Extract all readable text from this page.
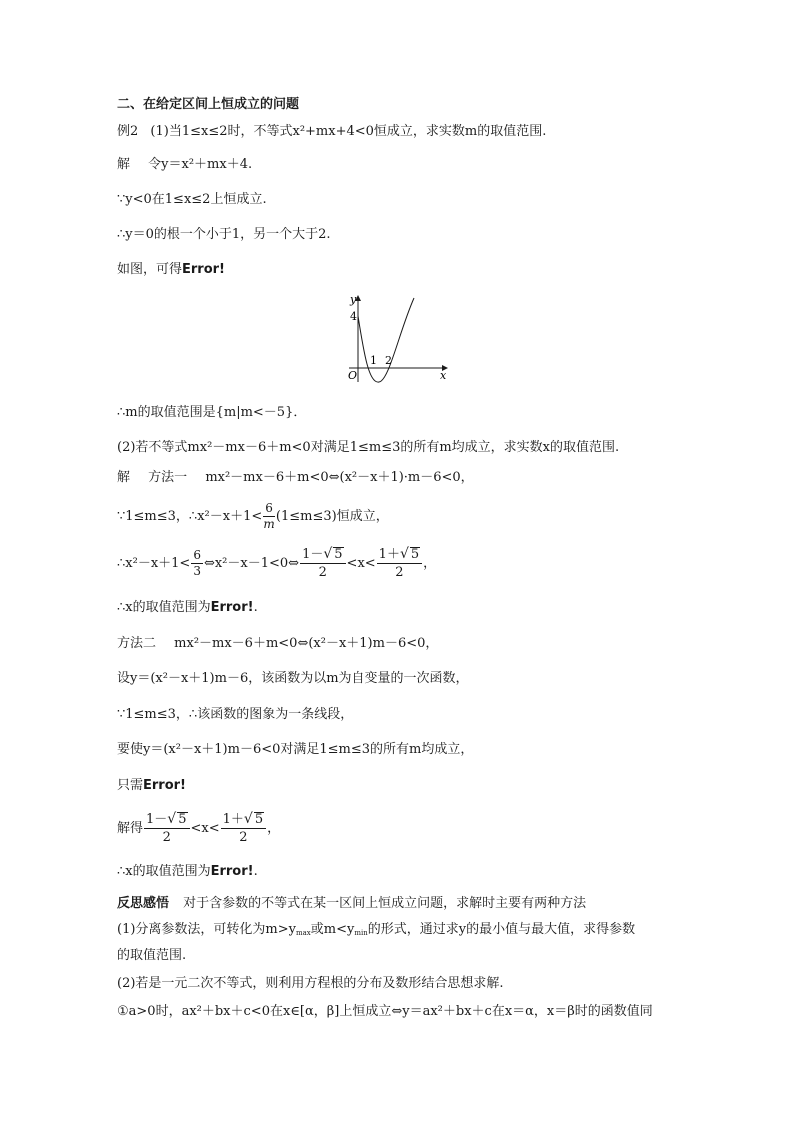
二、在给定区间上恒成立的问题
例2 (1)当1≤x≤2时，不等式x²+mx+4<0恒成立，求实数m的取值范围.
解 令y＝x²＋mx＋4.
∵y<0在1≤x≤2上恒成立.
∴y＝0的根一个小于1，另一个大于2.
如图，可得Error!
y
x
O
4
1 2
∴m的取值范围是{m|m<－5}．
(2)若不等式mx²－mx－6＋m<0对满足1≤m≤3的所有m均成立，求实数x的取值范围.
解 方法一 mx²－mx－6＋m<0⇔(x²－x＋1)·m－6<0，
∵1≤m≤3，∴x²－x＋1< $\frac{6}{m} (1\le m\le 3)$恒成立，
∴x²－x＋1< $\frac{6}{3}$ ⇔x²－x－1<0⇔ $\frac{1-√ 5}{2} <x< \frac{1+√ 5}{2}$ ，
∴x的取值范围为Error!.
方法二 mx²－mx－6＋m<0⇔(x²－x＋1)m－6<0，
设y＝(x²－x＋1)m－6，该函数为以m为自变量的一次函数，
∵1≤m≤3，∴该函数的图象为一条线段，
要使y＝(x²－x＋1)m－6<0对满足1≤m≤3的所有m均成立，
只需Error!
解得 $\frac{1-√ 5}{2} <x< \frac{1+√ 5}{2}$ ，
∴x的取值范围为Error!.
反思感悟 对于含参数的不等式在某一区间上恒成立问题，求解时主要有两种方法
(1)分离参数法，可转化为$m>y_{max}$或$m<y_{min}$的形式，通过求y的最小值与最大值，求得参数
的取值范围.
(2)若是一元二次不等式，则利用方程根的分布及数形结合思想求解.
①a>0时，ax²＋bx＋c<0在x∈[α，β]上恒成立⇔y＝ax²＋bx＋c在x＝α，x＝β时的函数值同
